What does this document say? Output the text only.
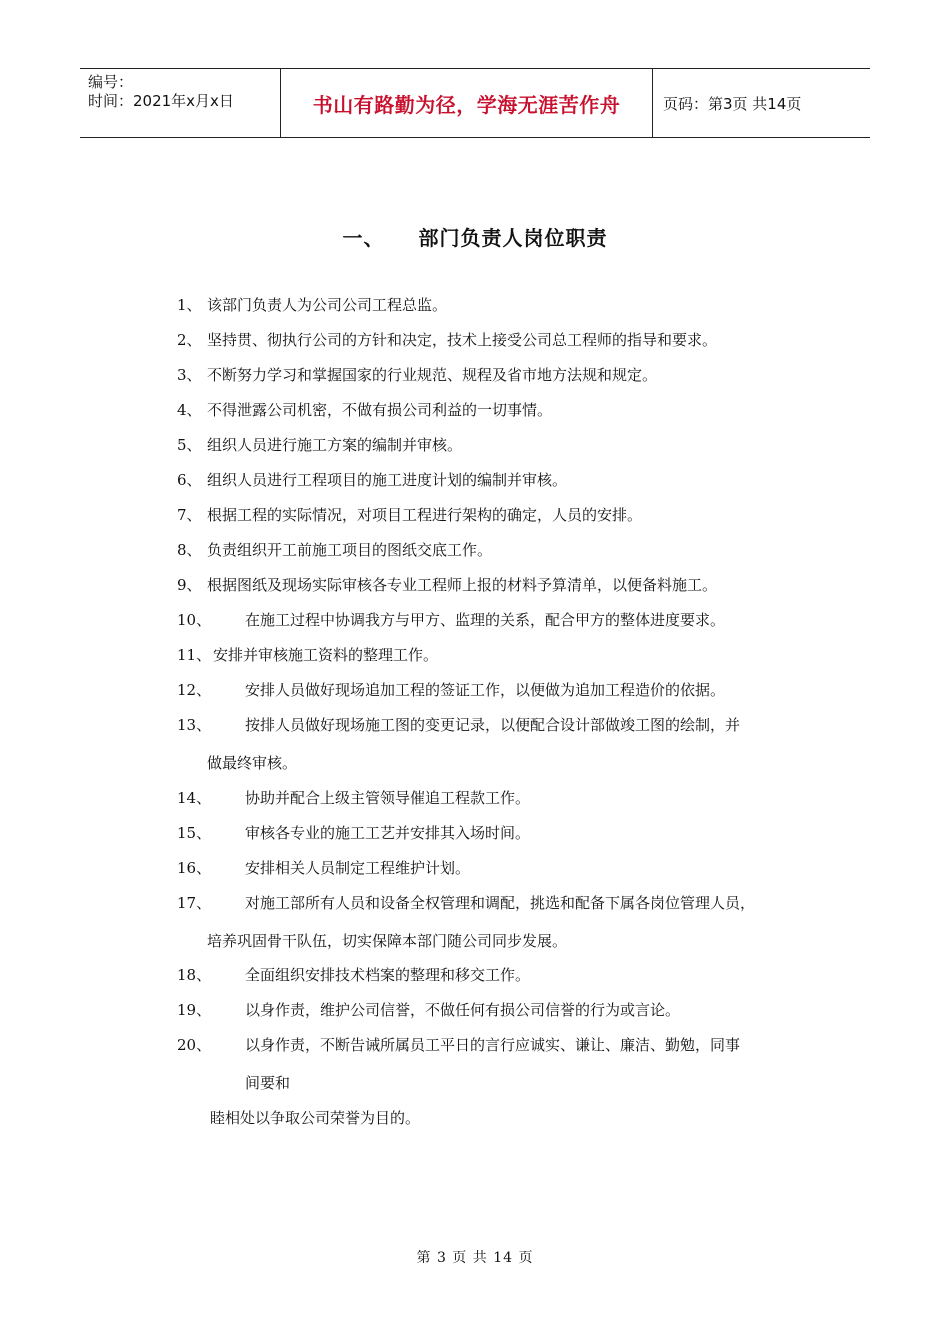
编号：
时间：2021年x月x日	书山有路勤为径，学海无涯苦作舟	页码：第3页 共14页
一、 部门负责人岗位职责
1、 该部门负责人为公司公司工程总监。
2、 坚持贯、彻执行公司的方针和决定，技术上接受公司总工程师的指导和要求。
3、 不断努力学习和掌握国家的行业规范、规程及省市地方法规和规定。
4、 不得泄露公司机密，不做有损公司利益的一切事情。
5、 组织人员进行施工方案的编制并审核。
6、 组织人员进行工程项目的施工进度计划的编制并审核。
7、 根据工程的实际情况，对项目工程进行架构的确定，人员的安排。
8、 负责组织开工前施工项目的图纸交底工作。
9、 根据图纸及现场实际审核各专业工程师上报的材料予算清单，以便备料施工。
10、 在施工过程中协调我方与甲方、监理的关系，配合甲方的整体进度要求。
11、 安排并审核施工资料的整理工作。
12、 安排人员做好现场追加工程的签证工作，以便做为追加工程造价的依据。
13、 按排人员做好现场施工图的变更记录，以便配合设计部做竣工图的绘制，并
做最终审核。
14、 协助并配合上级主管领导催追工程款工作。
15、 审核各专业的施工工艺并安排其入场时间。
16、 安排相关人员制定工程维护计划。
17、 对施工部所有人员和设备全权管理和调配，挑选和配备下属各岗位管理人员，
培养巩固骨干队伍，切实保障本部门随公司同步发展。
18、 全面组织安排技术档案的整理和移交工作。
19、 以身作责，维护公司信誉，不做任何有损公司信誉的行为或言论。
20、 以身作责，不断告诫所属员工平日的言行应诚实、谦让、廉洁、勤勉，同事
间要和
睦相处以争取公司荣誉为目的。
第 3 页 共 14 页
